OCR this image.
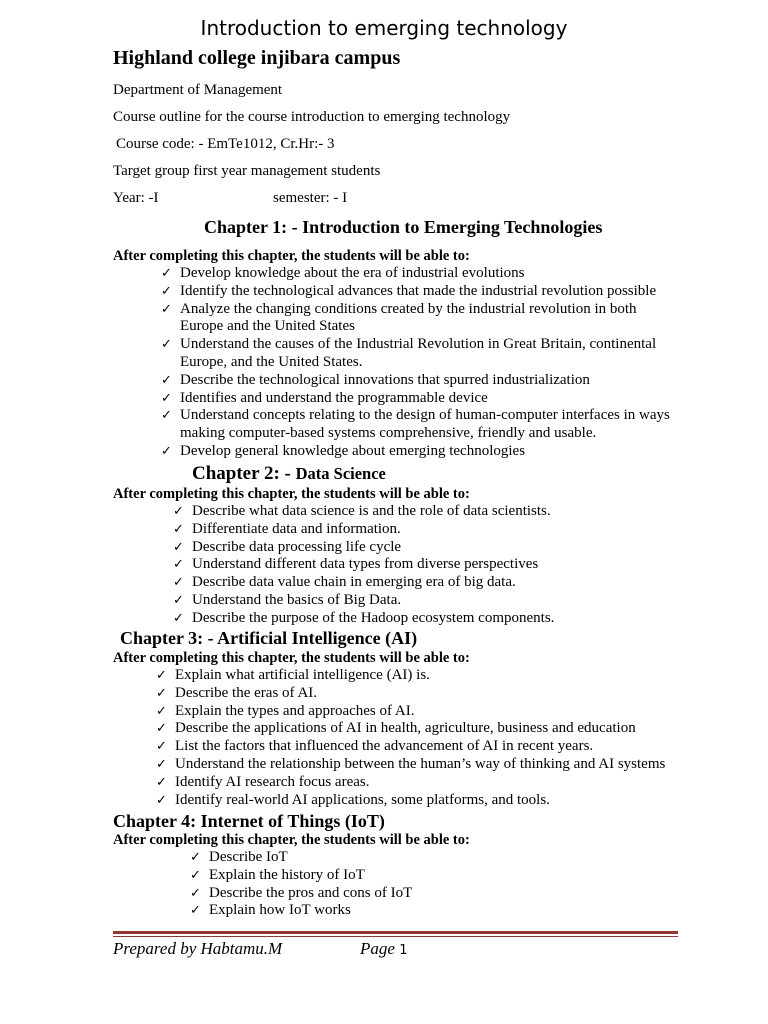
Introduction to emerging technology
Highland college injibara campus
Department of Management
Course outline for the course introduction to emerging technology
Course code: - EmTe1012, Cr.Hr:- 3
Target group first year management students
Year: -I	semester: - I
Chapter 1: - Introduction to Emerging Technologies
After completing this chapter, the students will be able to:
✓ Develop knowledge about the era of industrial evolutions
✓ Identify the technological advances that made the industrial revolution possible
✓ Analyze the changing conditions created by the industrial revolution in both Europe and the United States
✓ Understand the causes of the Industrial Revolution in Great Britain, continental Europe, and the United States.
✓ Describe the technological innovations that spurred industrialization
✓ Identifies and understand the programmable device
✓ Understand concepts relating to the design of human-computer interfaces in ways making computer-based systems comprehensive, friendly and usable.
✓ Develop general knowledge about emerging technologies
Chapter 2: - Data Science
After completing this chapter, the students will be able to:
✓ Describe what data science is and the role of data scientists.
✓ Differentiate data and information.
✓ Describe data processing life cycle
✓ Understand different data types from diverse perspectives
✓ Describe data value chain in emerging era of big data.
✓ Understand the basics of Big Data.
✓ Describe the purpose of the Hadoop ecosystem components.
Chapter 3: - Artificial Intelligence (AI)
After completing this chapter, the students will be able to:
✓ Explain what artificial intelligence (AI) is.
✓ Describe the eras of AI.
✓ Explain the types and approaches of AI.
✓ Describe the applications of AI in health, agriculture, business and education
✓ List the factors that influenced the advancement of AI in recent years.
✓ Understand the relationship between the human’s way of thinking and AI systems
✓ Identify AI research focus areas.
✓ Identify real-world AI applications, some platforms, and tools.
Chapter 4: Internet of Things (IoT)
After completing this chapter, the students will be able to:
✓ Describe IoT
✓ Explain the history of IoT
✓ Describe the pros and cons of IoT
✓ Explain how IoT works
Prepared by Habtamu.M	Page 1
